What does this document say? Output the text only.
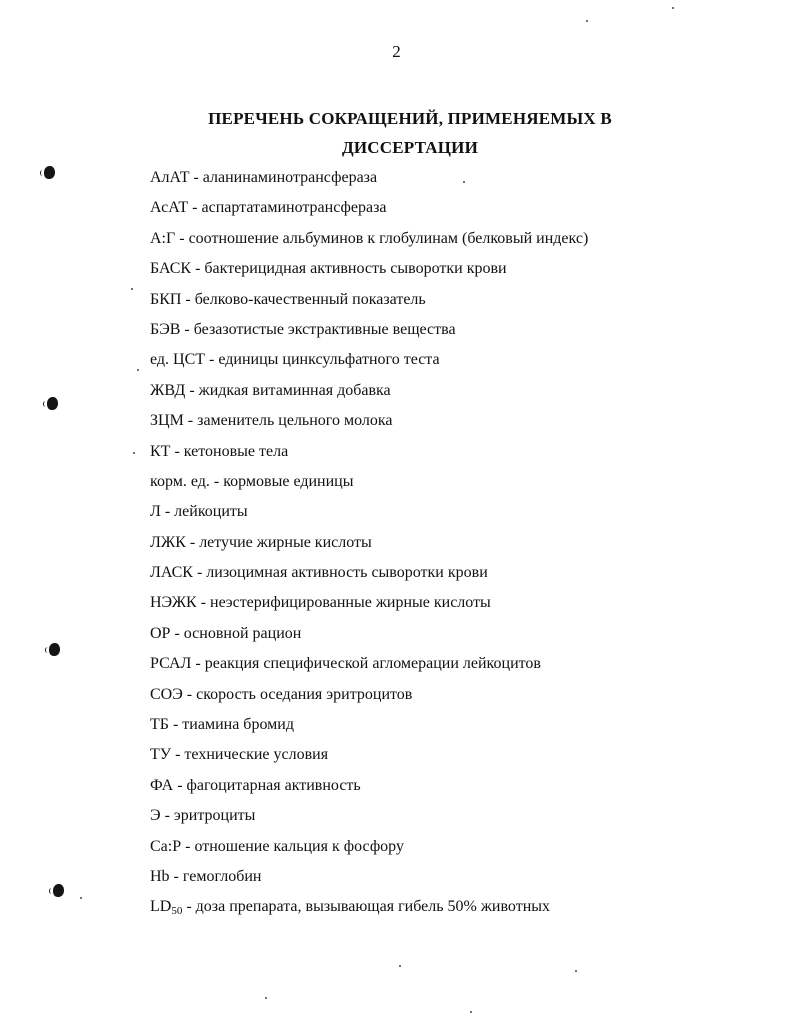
2
ПЕРЕЧЕНЬ СОКРАЩЕНИЙ, ПРИМЕНЯЕМЫХ В
ДИССЕРТАЦИИ
АлАТ - аланинаминотрансфераза
АсАТ - аспартатаминотрансфераза
А:Г - соотношение альбуминов к глобулинам (белковый индекс)
БАСК - бактерицидная активность сыворотки крови
БКП - белково-качественный показатель
БЭВ - безазотистые экстрактивные вещества
ед. ЦСТ - единицы цинксульфатного теста
ЖВД - жидкая витаминная добавка
ЗЦМ - заменитель цельного молока
КТ - кетоновые тела
корм. ед. - кормовые единицы
Л - лейкоциты
ЛЖК - летучие жирные кислоты
ЛАСК - лизоцимная активность сыворотки крови
НЭЖК - неэстерифицированные жирные кислоты
ОР - основной рацион
РСАЛ - реакция специфической агломерации лейкоцитов
СОЭ - скорость оседания эритроцитов
ТБ - тиамина бромид
ТУ - технические условия
ФА - фагоцитарная активность
Э - эритроциты
Са:Р - отношение кальция к фосфору
Hb - гемоглобин
$LD_{50}$ - доза препарата, вызывающая гибель 50% животных
